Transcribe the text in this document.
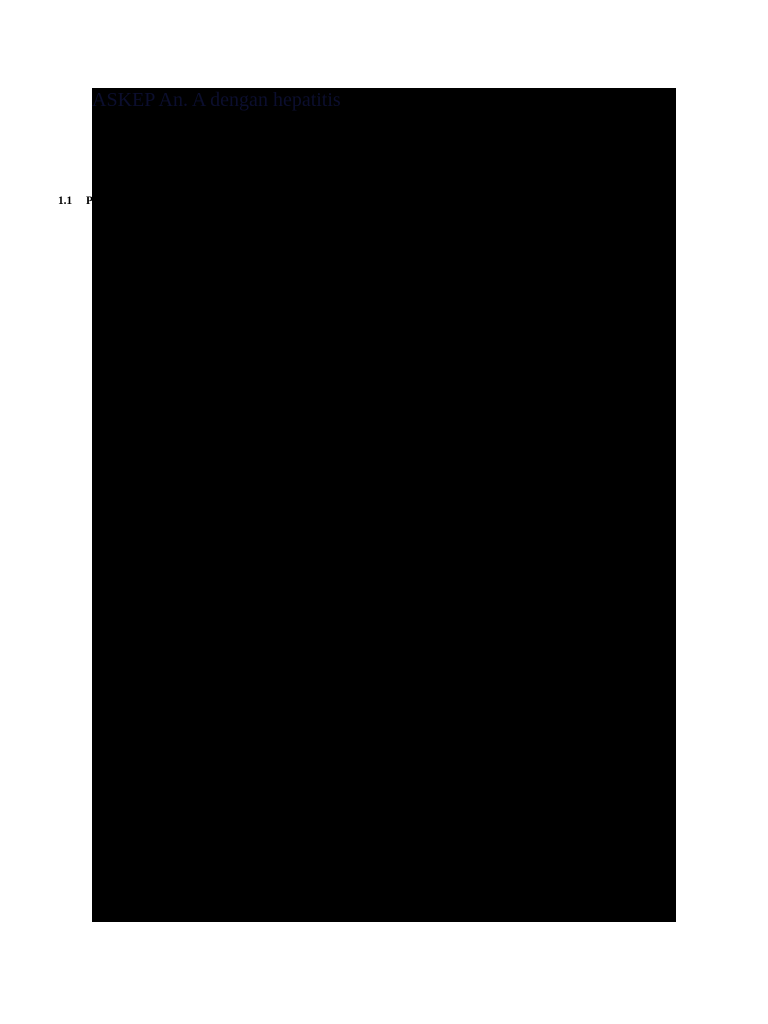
ASKEP An. A dengan hepatitis
BAB I
PENDAHULUAN
1.1 Pendahuluan

Hepatitis adalah peradangan pada sel-sel hati, virus merupakan penyebab hepatitis yang paling sering terutama virus hepatitis A, B, C, D dan E. Pada umumnya penderita menjadi kronis, virus hepatitis D hanya dapat menyerang penderita yang telah terinfeksi virus B dan dapat memperparah keadaan penderita. (http://www.hepatitis/wiki).

Pertumbuhan kesehatan sedunia (WHO) menetapakan imunisasi hepatitis disetiap negara, karena penyebab terbanyak hepatitis virus, hepatitis virus tersebar di seluruh Indonesia dan menyerang semua suku bangsa, sekitar 2 milyar orang di dunia diduga telah terinfeksi dan 350 juta menderita menjadi masalah kesehatan global yang serius, menurut Prof. dr. Hj. Siti Nurdjanah, M.Kes, SpPd-KGEH, Indonesia endemis hepatitis virus antara 2,5-20 % dan menempati urutan ke-3 di Asia yaitu berkisar 11,6 %. (http://www.webugn.ac.id).

Di Jogyakarta data PMI menyebutkan 805 orang diskrining untuk pendonor darah, 2,2% hepatitis positif. Di Mataram sebanyak 3000 sampel darah yang diskrining di PMI ternyata sebanyak 6,7%. (sumber : http://www.webugn.ac.id).

Dampak dari penyakit hepatitis, penyebab/komplikasi yang dapat terjadi pada penyakit hepatitis adalah kolesterol, pendarahan, saluran cerna, gagal ginjal, gangguan elektrolit, gangguan pernafasan, hiperglikemia, demam, bakteri, gelisah, hipertensi, kematian/hypotesis portal.

Sedangkan di Medan Sumatra-Utara di laporkan dalam kurun waktu 4 tahun dari 19.914 pasien yang di rawat di bagian penyakit dalam di dapatkan 128 pasien penyakit hati (5%) dan pengamatan secara klinis di jumpai 819 (72.7%) adalah penyakit Hepatitis

Dalam ilmu keperawatan terdapat hal yang disebut promotif yaitu suatu tindakan keperawatan promosi kesehatan. Pada kasus hepatitis, promosi kesehatan yang dapat dilakukan yaitu dengan melakukan tindakan penyuluhan kesehatan masyarakat umum maupun klien hepatitis sendiri, serta dapat juga membagikan selebaran-selebaran yang berhubungan penyakit hepatitis kepada masyarkat dengan tujuan agar masyarakat mengerti tentang pentingnya arti kesehatan.

Preventif adalah suatu tindakan keperawatan untuk mencegah terjadinya suatu penyakit atau menghilangkan gejala penyakit pada kasus hepatitis virus tindakan pencegahan yang perlu dilakukan dengan memberikan vaksin hepatitis, meningkatkan gizi masyarakat dan memelihara kesehatan lingkungan yang baik.

Kuratif adalah kelompok yang menderita penyakit atau masalah kesehatan melalui kegiatan-kegiatan seperti merawat orang sakit di rumah (home nursing), merawat orang sakit sebagai tindakan lanjut perawat dari puskesmas dan di rumah.

Rehabilitasi adalah suatu tindakan rehabilitasi pada kasus hepatitis, disini perawat berfungsi sebagai yang merawat, memelihara bahkan melayani klien serta memberi dukungan kepada klien agar klien cepat sembuh.

Dari uraian tersebut, maka penulis merasa tertarik untuk mengambil kasus berjudul “Asuhan Keperawatan Pada An. A Dengan Hepatitis Di Ruang RB 4 Rumah Sakit Umum Pusat Haji Adam Malik Medan.

1.2 Tujuan Penulisan
1.2.1 Tujuan Umum

Untuk mendapatkan gambaran yang jelas tentang asuhan keperawatan An. A dengan hepatitis di Ruang RB 4 Rumah Sakit Umum Pusat Haji Adam Malik Medan tahun 2010.
